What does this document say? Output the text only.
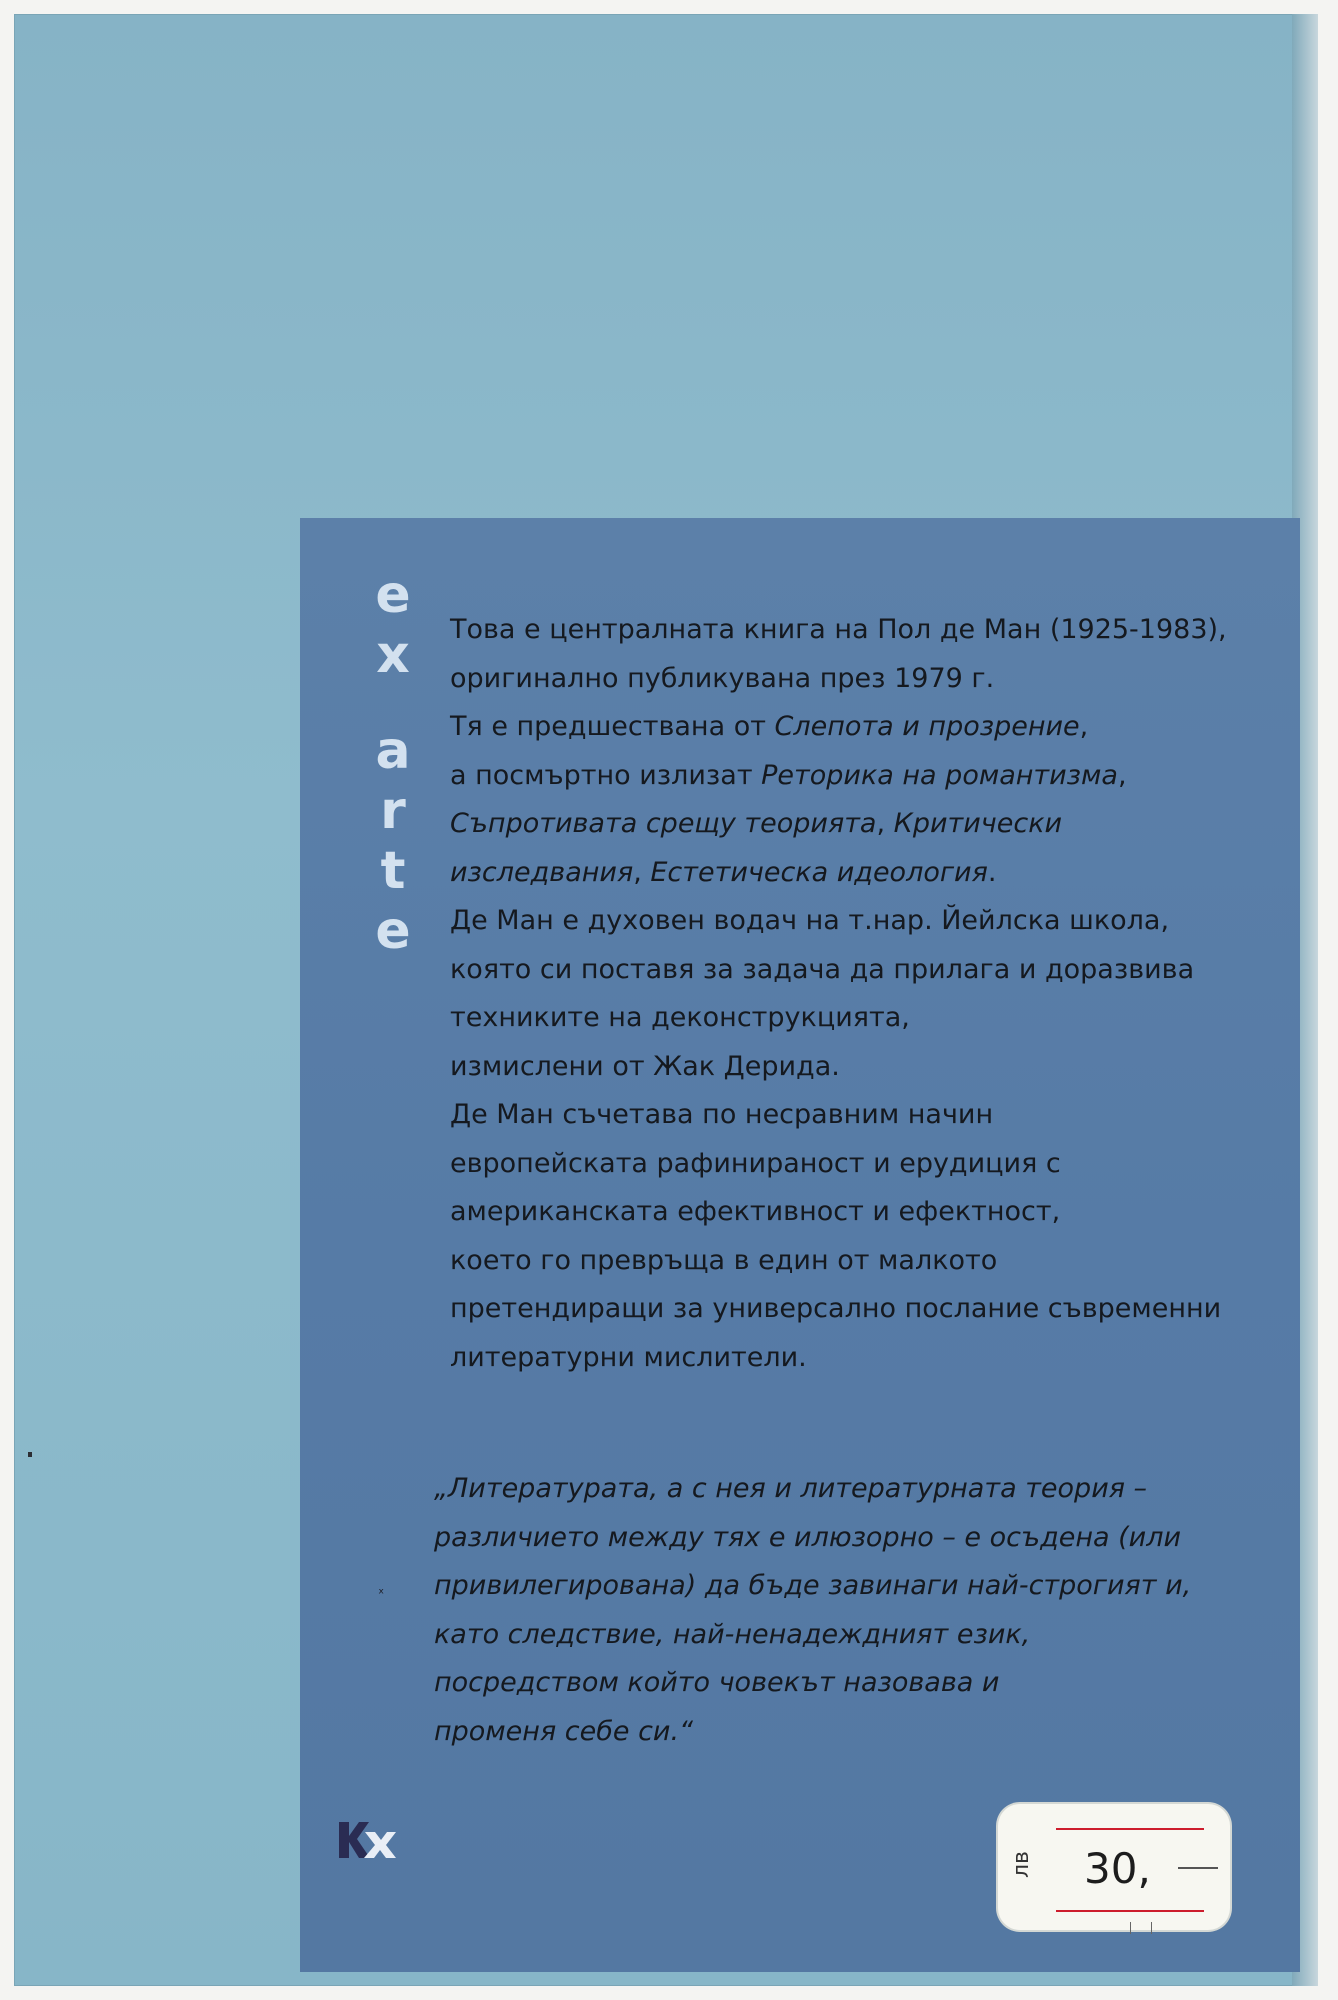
e
x
a
r
t
e

Това е централната книга на Пол де Ман (1925-1983),

оригинално публикувана през 1979 г.

Тя е предшествана от Слепота и прозрение,

а посмъртно излизат Реторика на романтизма,

Съпротивата срещу теорията, Критически

изследвания, Естетическа идеология.

Де Ман е духовен водач на т.нар. Йейлска школа,

която си поставя за задача да прилага и доразвива

техниките на деконструкцията,

измислени от Жак Дерида.

Де Ман съчетава по несравним начин

европейската рафинираност и ерудиция с

американската ефективност и ефектност,

което го превръща в един от малкото

претендиращи за универсално послание съвременни

литературни мислители.

„Литературата, а с нея и литературната теория –

различието между тях е илюзорно – е осъдена (или

привилегирована) да бъде завинаги най-строгият и,

като следствие, най-ненадеждният език,

посредством който човекът назовава и

променя себе си.“

лв 30,
ˣ
